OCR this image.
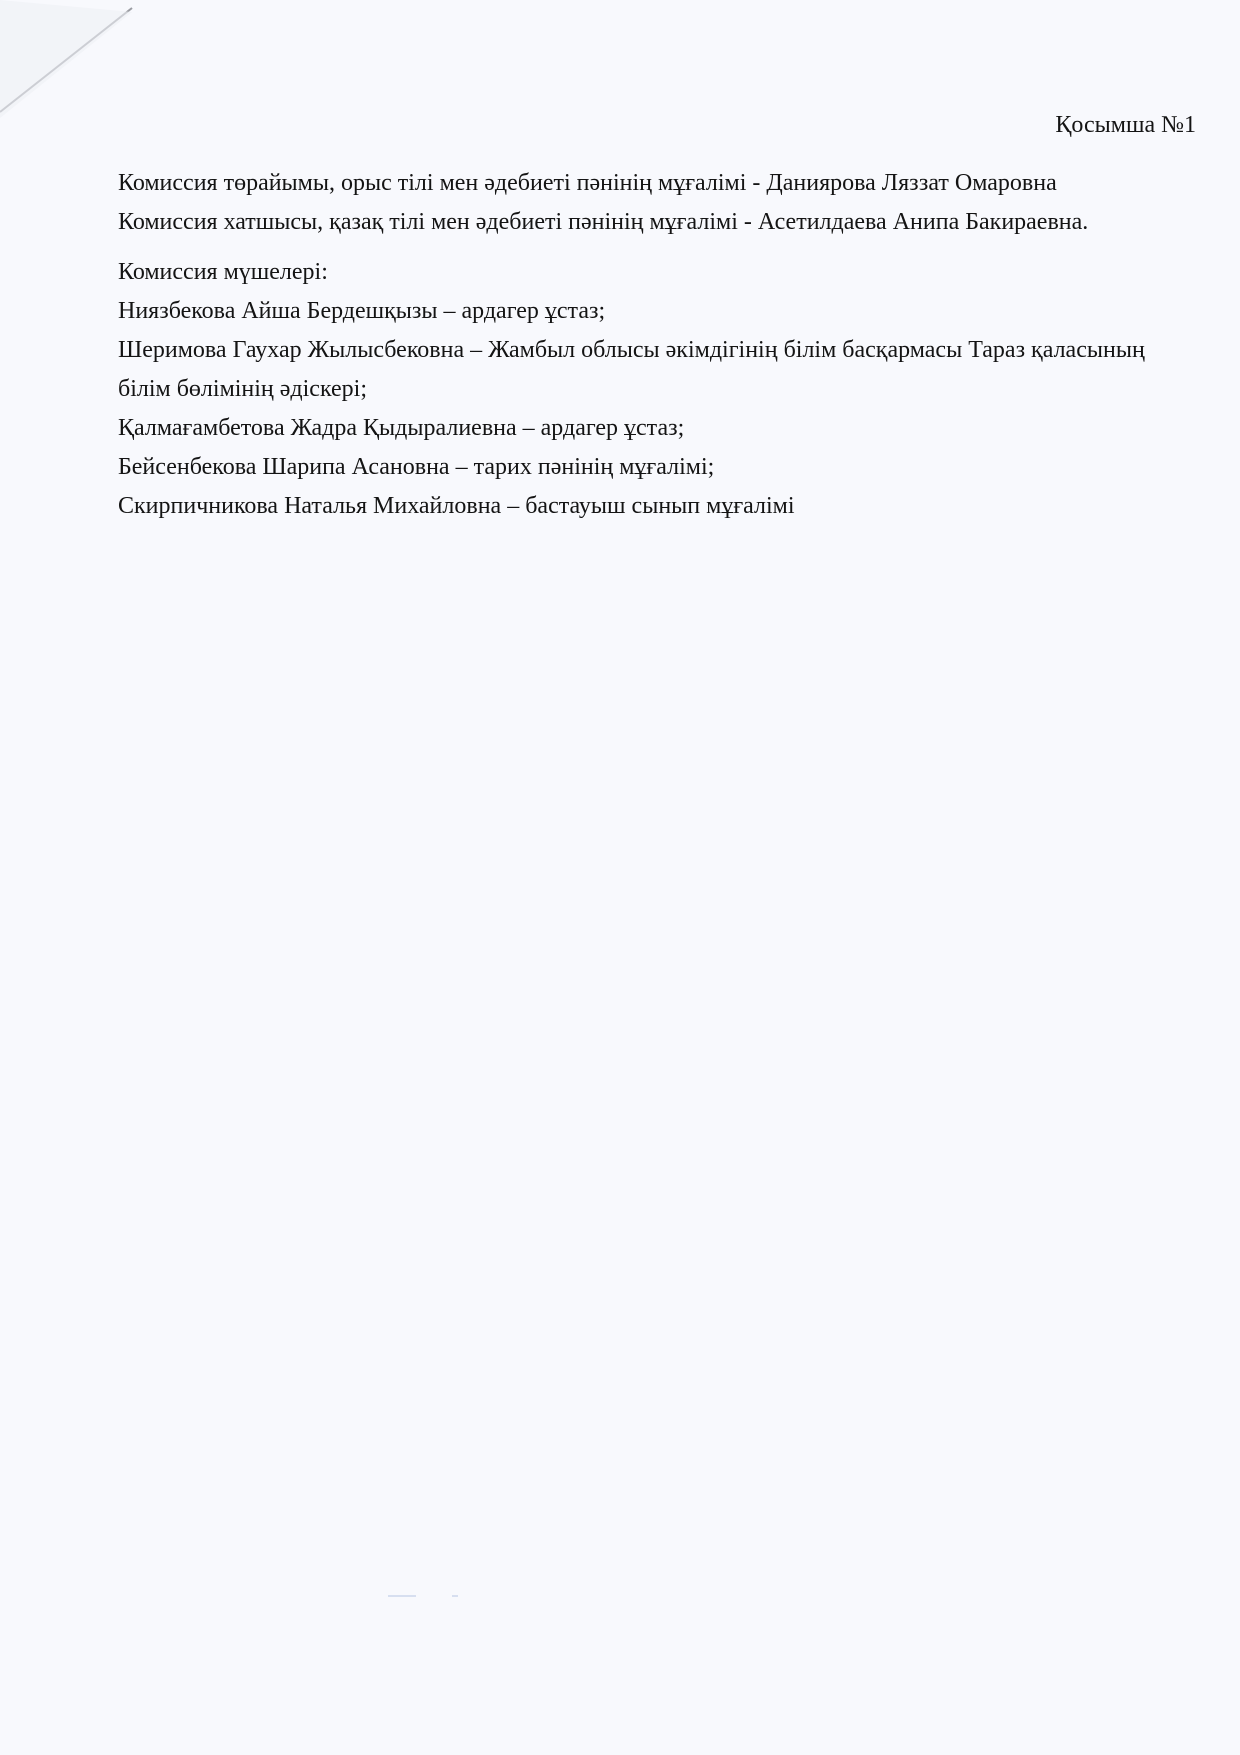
Қосымша №1

Комиссия төрайымы, орыс тілі мен әдебиеті пәнінің мұғалімі - Даниярова Ляззат Омаровна

Комиссия хатшысы, қазақ тілі мен әдебиеті пәнінің мұғалімі - Асетилдаева Анипа Бакираевна.

Комиссия мүшелері:

Ниязбекова Айша Бердешқызы – ардагер ұстаз;
Шеримова Гаухар Жылысбековна – Жамбыл облысы әкімдігінің білім басқармасы Тараз қаласының білім бөлімінің әдіскері;
Қалмағамбетова Жадра Қыдыралиевна – ардагер ұстаз;
Бейсенбекова Шарипа Асановна – тарих пәнінің мұғалімі;
Скирпичникова Наталья Михайловна – бастауыш сынып мұғалімі
